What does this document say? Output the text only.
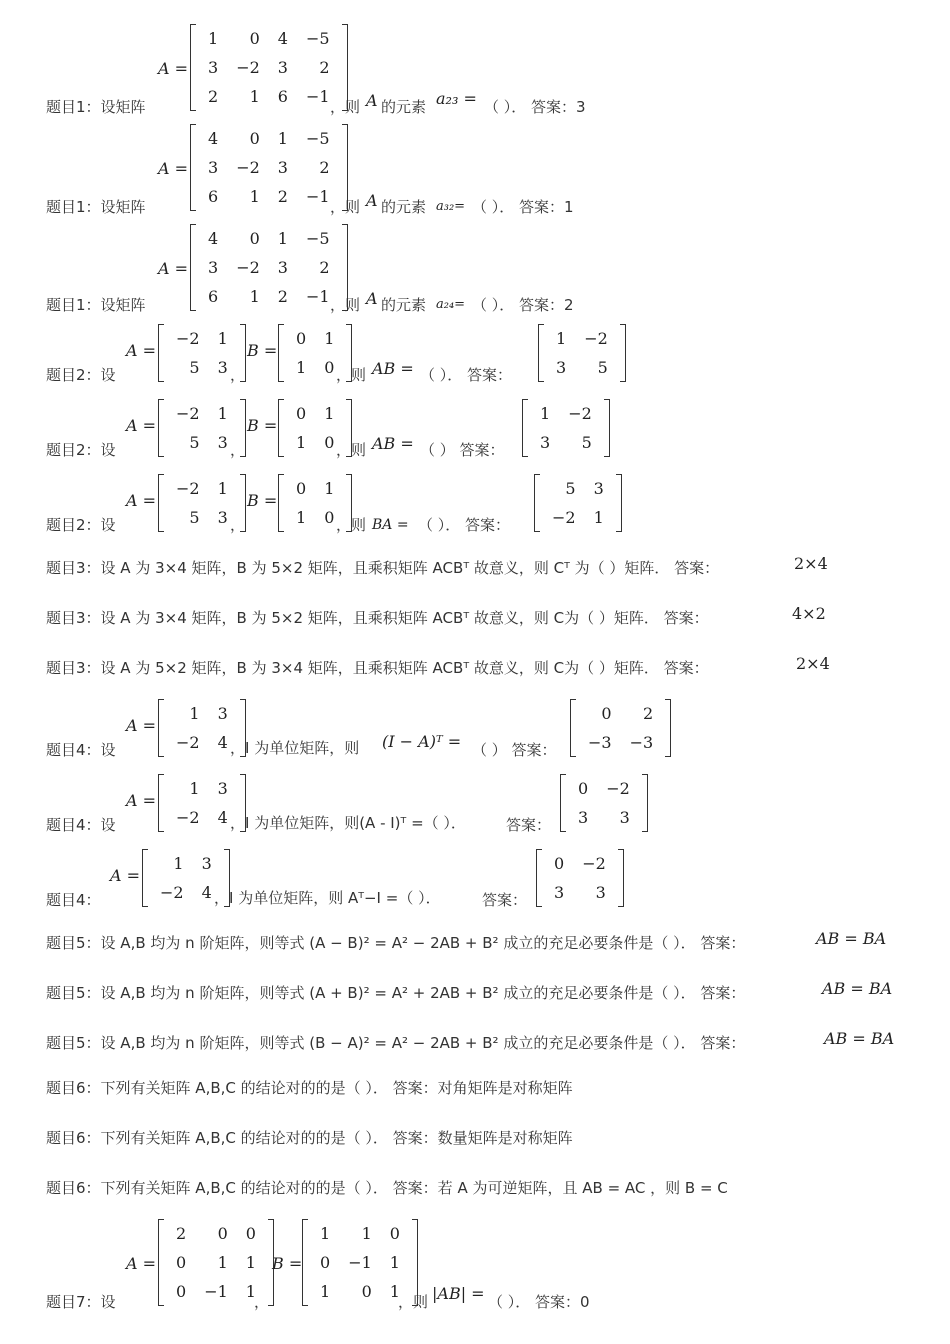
A =
1	0	4	−5
3	−2	3	2
2	1	6	−1
题目1：设矩阵	，则 A 的元素 a₂₃ = （ ）． 答案：3
A =
4	0	1	−5
3	−2	3	2
6	1	2	−1
题目1：设矩阵	，则 A 的元素 a₃₂= （ ）． 答案：1
A =
4	0	1	−5
3	−2	3	2
6	1	2	−1
题目1：设矩阵	，则 A 的元素 a₂₄= （ ）． 答案：2
A =
−2	1
5	3 ，
B =
0	1
1	0
题目2：设	，则 AB = （ ）． 答案：
1	−2
3	5
A =
−2	1
5	3 ，
B =
0	1
1	0
题目2：设	，则 AB = （ ） 答案：
1	−2
3	5
A =
−2	1
5	3 ，
B =
0	1
1	0
题目2：设	，则 BA = （ ）． 答案：
5	3
−2	1
题目3：设 A 为 3×4 矩阵，B 为 5×2 矩阵，且乘积矩阵 ACBᵀ 故意义，则 Cᵀ 为（ ）矩阵． 答案：	2×4
题目3：设 A 为 3×4 矩阵，B 为 5×2 矩阵，且乘积矩阵 ACBᵀ 故意义，则 C为（ ）矩阵． 答案：	4×2
题目3：设 A 为 5×2 矩阵，B 为 3×4 矩阵，且乘积矩阵 ACBᵀ 故意义，则 C为（ ）矩阵． 答案：	2×4
A =
1	3
−2	4
题目4：设	，I 为单位矩阵，则 (I − A)ᵀ = （ ） 答案：
0	2
−3	−3
A =
1	3
−2	4
题目4：设	，I 为单位矩阵，则(A - I)ᵀ =（ ）．	答案：
0	−2
3	3
A =
1	3
−2	4
题目4：	，I 为单位矩阵，则 Aᵀ−I =（ ）．	答案：
0	−2
3	3
题目5：设 A,B 均为 n 阶矩阵，则等式 (A − B)² = A² − 2AB + B² 成立的充足必要条件是（ ）． 答案：	AB = BA
题目5：设 A,B 均为 n 阶矩阵，则等式 (A + B)² = A² + 2AB + B² 成立的充足必要条件是（ ）． 答案：	AB = BA
题目5：设 A,B 均为 n 阶矩阵，则等式 (B − A)² = A² − 2AB + B² 成立的充足必要条件是（ ）． 答案：	AB = BA
题目6：下列有关矩阵 A,B,C 的结论对的的是（ ）． 答案：对角矩阵是对称矩阵
题目6：下列有关矩阵 A,B,C 的结论对的的是（ ）． 答案：数量矩阵是对称矩阵
题目6：下列有关矩阵 A,B,C 的结论对的的是（ ）． 答案：若 A 为可逆矩阵，且 AB = AC ，则 B = C
A =
2	0	0
0	1	1
0	−1	1
，
B =
1	1	0
0	−1	1
1	0	1
题目7：设	，则 |AB| = （ ）． 答案：0
